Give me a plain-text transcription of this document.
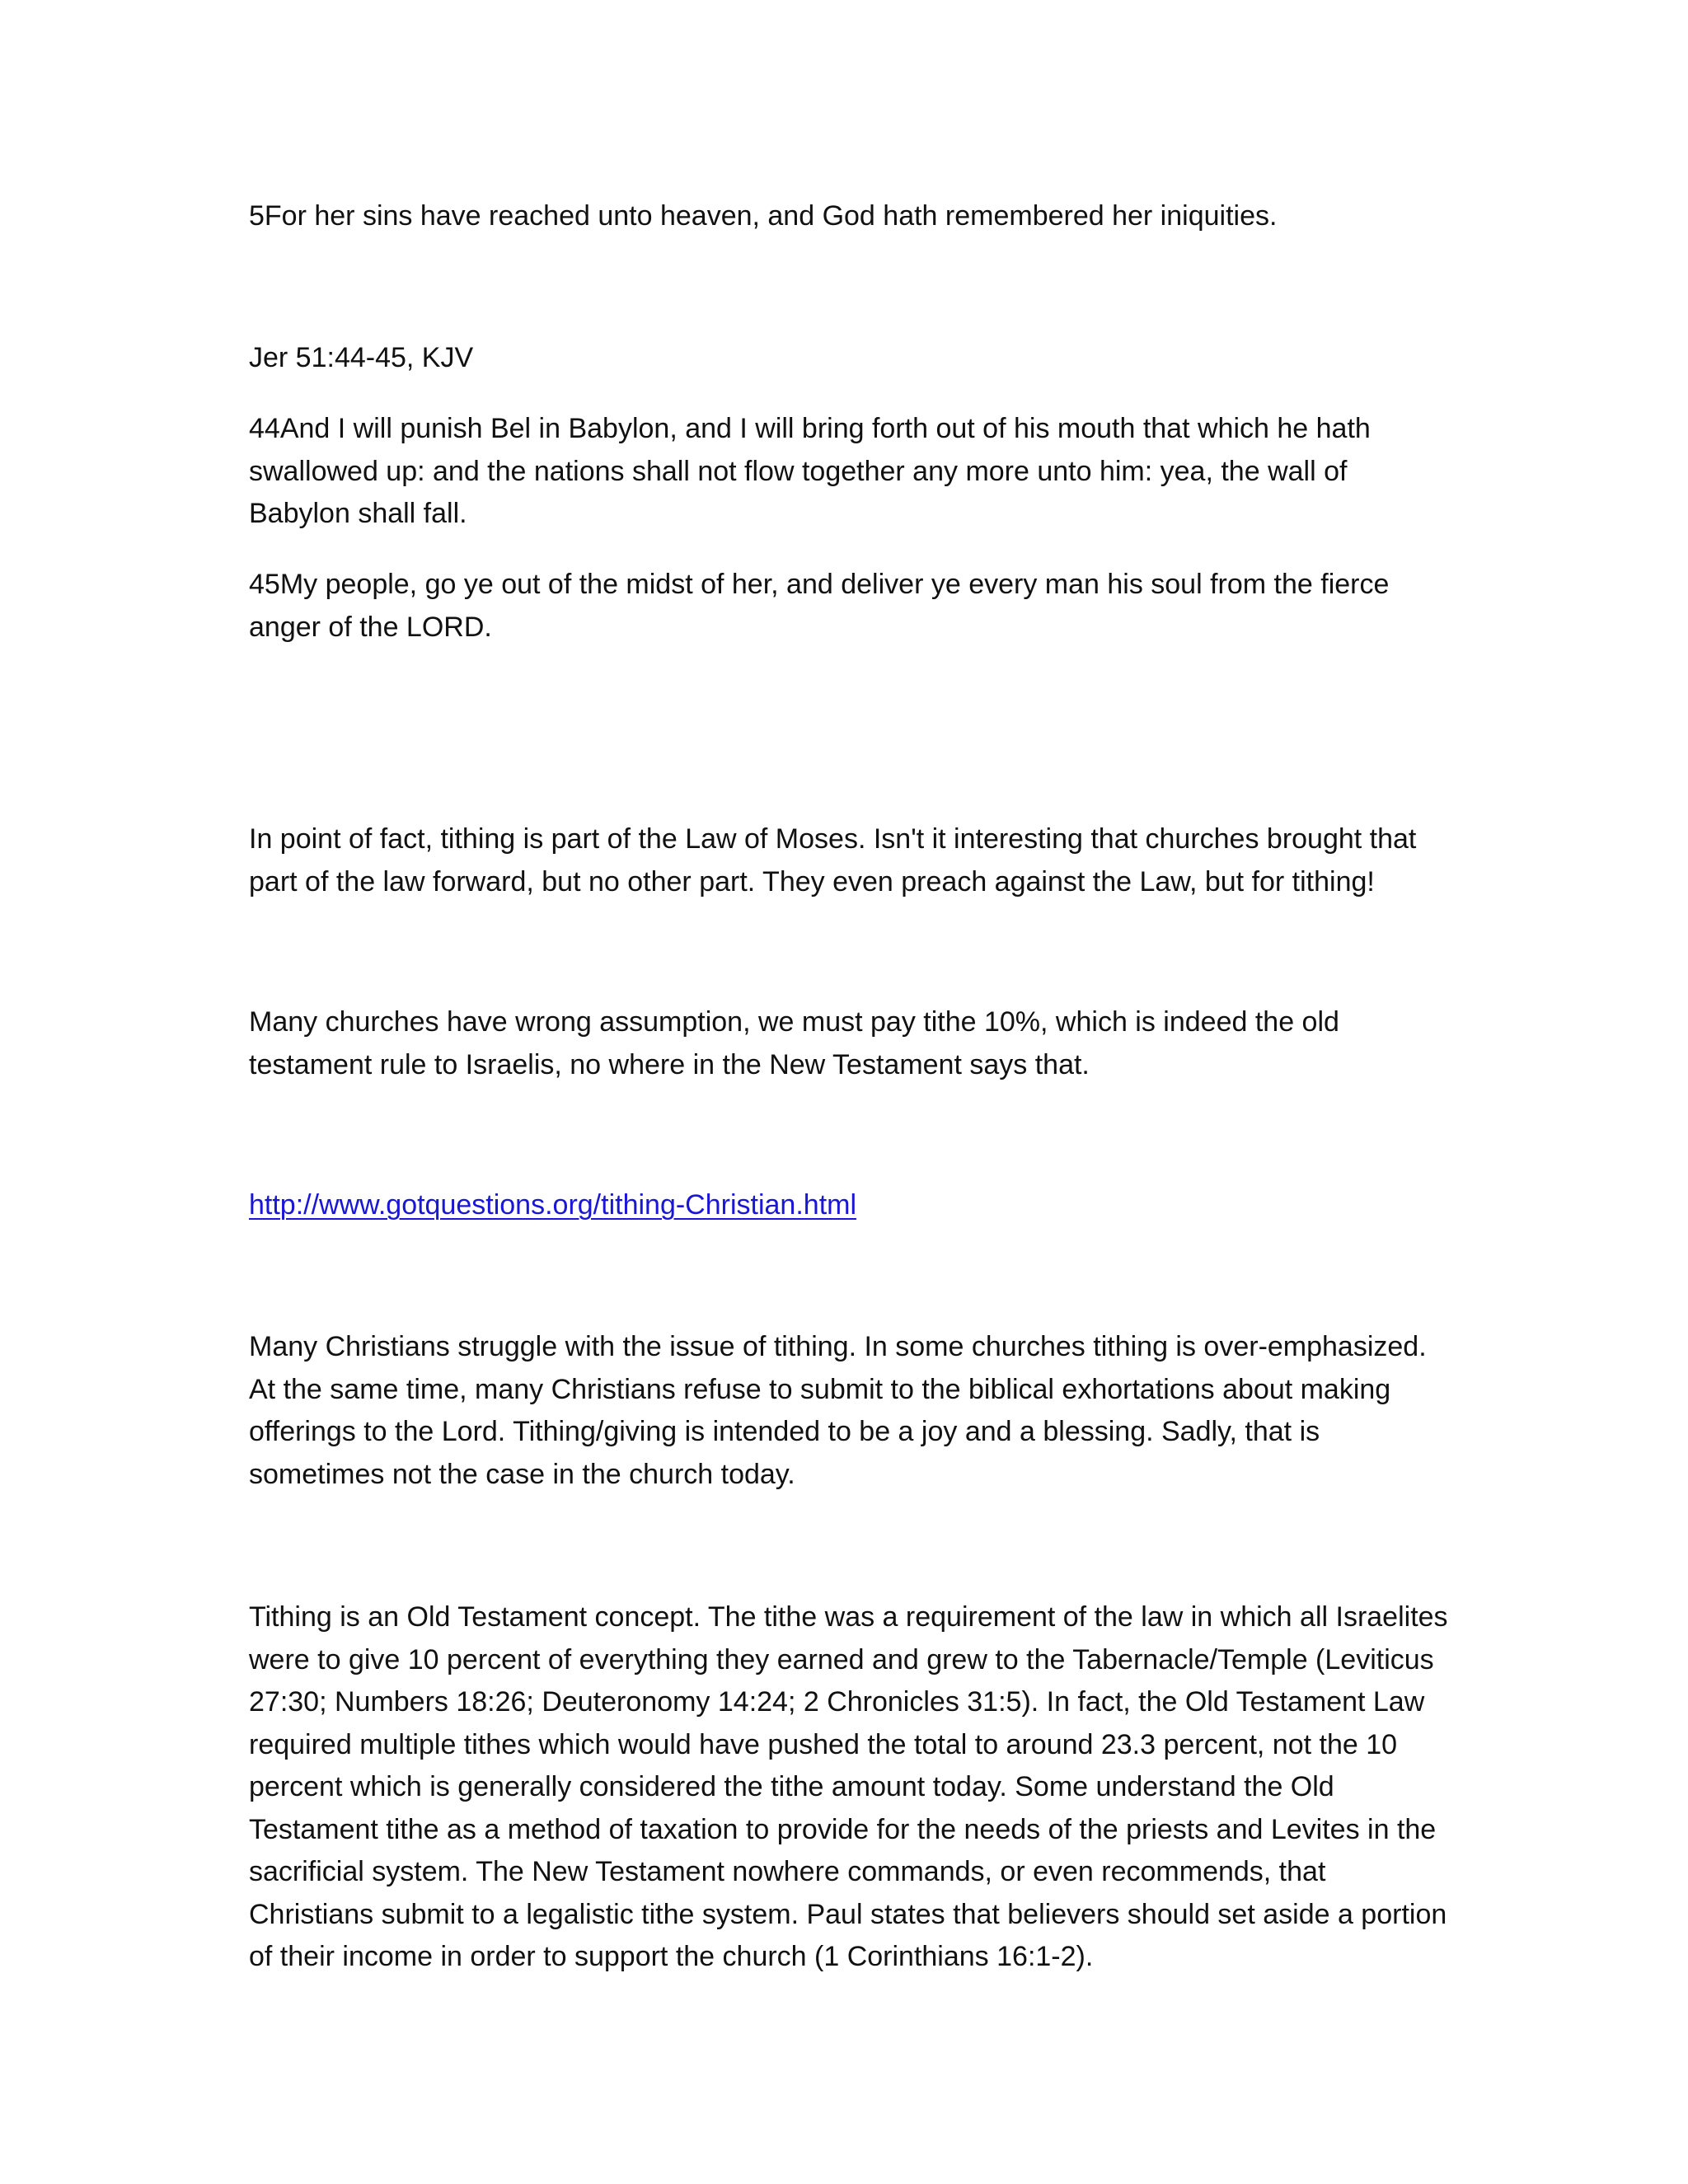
5For her sins have reached unto heaven, and God hath remembered her iniquities.

Jer 51:44-45, KJV

44And I will punish Bel in Babylon, and I will bring forth out of his mouth that which he hath swallowed up: and the nations shall not flow together any more unto him: yea, the wall of Babylon shall fall.

45My people, go ye out of the midst of her, and deliver ye every man his soul from the fierce anger of the LORD.

In point of fact, tithing is part of the Law of Moses. Isn't it interesting that churches brought that part of the law forward, but no other part. They even preach against the Law, but for tithing!

Many churches have wrong assumption, we must pay tithe 10%, which is indeed the old testament rule to Israelis, no where in the New Testament says that.

http://www.gotquestions.org/tithing-Christian.html

Many Christians struggle with the issue of tithing. In some churches tithing is over-emphasized. At the same time, many Christians refuse to submit to the biblical exhortations about making offerings to the Lord. Tithing/giving is intended to be a joy and a blessing. Sadly, that is sometimes not the case in the church today.

Tithing is an Old Testament concept. The tithe was a requirement of the law in which all Israelites were to give 10 percent of everything they earned and grew to the Tabernacle/Temple (Leviticus 27:30; Numbers 18:26; Deuteronomy 14:24; 2 Chronicles 31:5). In fact, the Old Testament Law required multiple tithes which would have pushed the total to around 23.3 percent, not the 10 percent which is generally considered the tithe amount today. Some understand the Old Testament tithe as a method of taxation to provide for the needs of the priests and Levites in the sacrificial system. The New Testament nowhere commands, or even recommends, that Christians submit to a legalistic tithe system. Paul states that believers should set aside a portion of their income in order to support the church (1 Corinthians 16:1-2).
